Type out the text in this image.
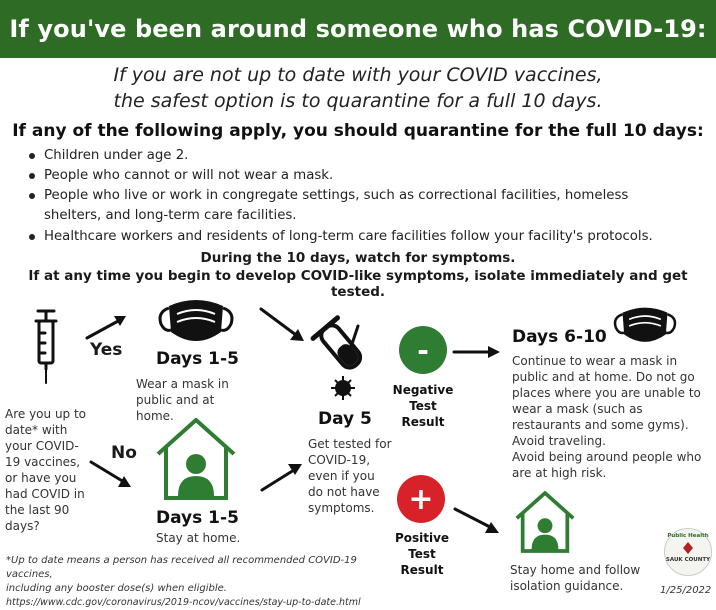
If you've been around someone who has COVID-19:
If you are not up to date with your COVID vaccines,
the safest option is to quarantine for a full 10 days.
If any of the following apply, you should quarantine for the full 10 days:
Children under age 2.
People who cannot or will not wear a mask.
People who live or work in congregate settings, such as correctional facilities, homeless shelters, and long-term care facilities.
Healthcare workers and residents of long-term care facilities follow your facility's protocols.
During the 10 days, watch for symptoms.
If at any time you begin to develop COVID-like symptoms, isolate immediately and get tested.
Are you up to date* with your COVID-19 vaccines, or have you had COVID in the last 90 days?
Yes
No
Days 1-5
Wear a mask in public and at home.
Days 1-5
Stay at home.
Day 5
Get tested for COVID-19, even if you do not have symptoms.
-
Negative Test Result
+
Positive Test Result
Days 6-10
Continue to wear a mask in public and at home. Do not go places where you are unable to wear a mask (such as restaurants and some gyms).
Avoid traveling.
Avoid being around people who are at high risk.
Stay home and follow isolation guidance.
*Up to date means a person has received all recommended COVID-19 vaccines,
including any booster dose(s) when eligible.
https://www.cdc.gov/coronavirus/2019-ncov/vaccines/stay-up-to-date.html
Public Health
SAUK COUNTY
1/25/2022
